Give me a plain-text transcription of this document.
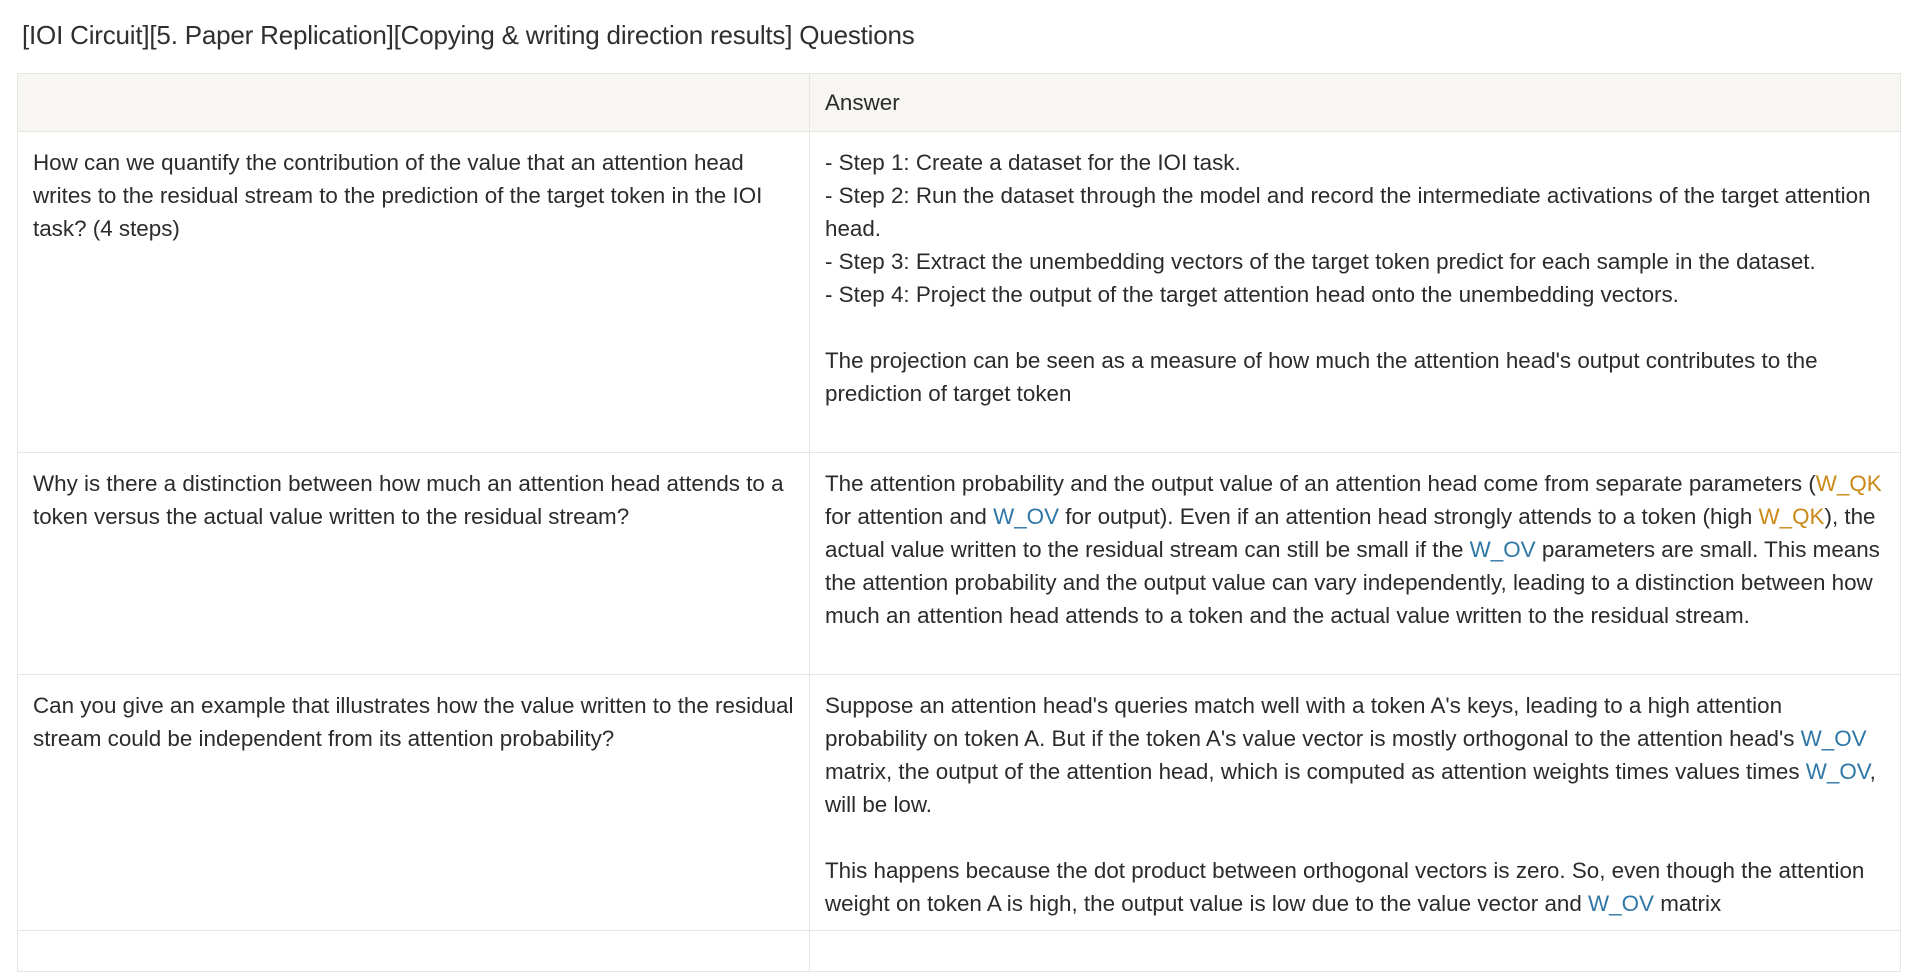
[IOI Circuit][5. Paper Replication][Copying & writing direction results] Questions
	Answer
How can we quantify the contribution of the value that an attention head writes to the residual stream to the prediction of the target token in the IOI task? (4 steps)	- Step 1: Create a dataset for the IOI task.
- Step 2: Run the dataset through the model and record the intermediate activations of the target attention head.
- Step 3: Extract the unembedding vectors of the target token predict for each sample in the dataset.
- Step 4: Project the output of the target attention head onto the unembedding vectors.
The projection can be seen as a measure of how much the attention head's output contributes to the prediction of target token

Why is there a distinction between how much an attention head attends to a token versus the actual value written to the residual stream?	The attention probability and the output value of an attention head come from separate parameters (W_QK for attention and W_OV for output). Even if an attention head strongly attends to a token (high W_QK), the actual value written to the residual stream can still be small if the W_OV parameters are small. This means the attention probability and the output value can vary independently, leading to a distinction between how much an attention head attends to a token and the actual value written to the residual stream.
Can you give an example that illustrates how the value written to the residual stream could be independent from its attention probability?	Suppose an attention head's queries match well with a token A's keys, leading to a high attention probability on token A. But if the token A's value vector is mostly orthogonal to the attention head's W_OV matrix, the output of the attention head, which is computed as attention weights times values times W_OV, will be low.
This happens because the dot product between orthogonal vectors is zero. So, even though the attention weight on token A is high, the output value is low due to the value vector and W_OV matrix
